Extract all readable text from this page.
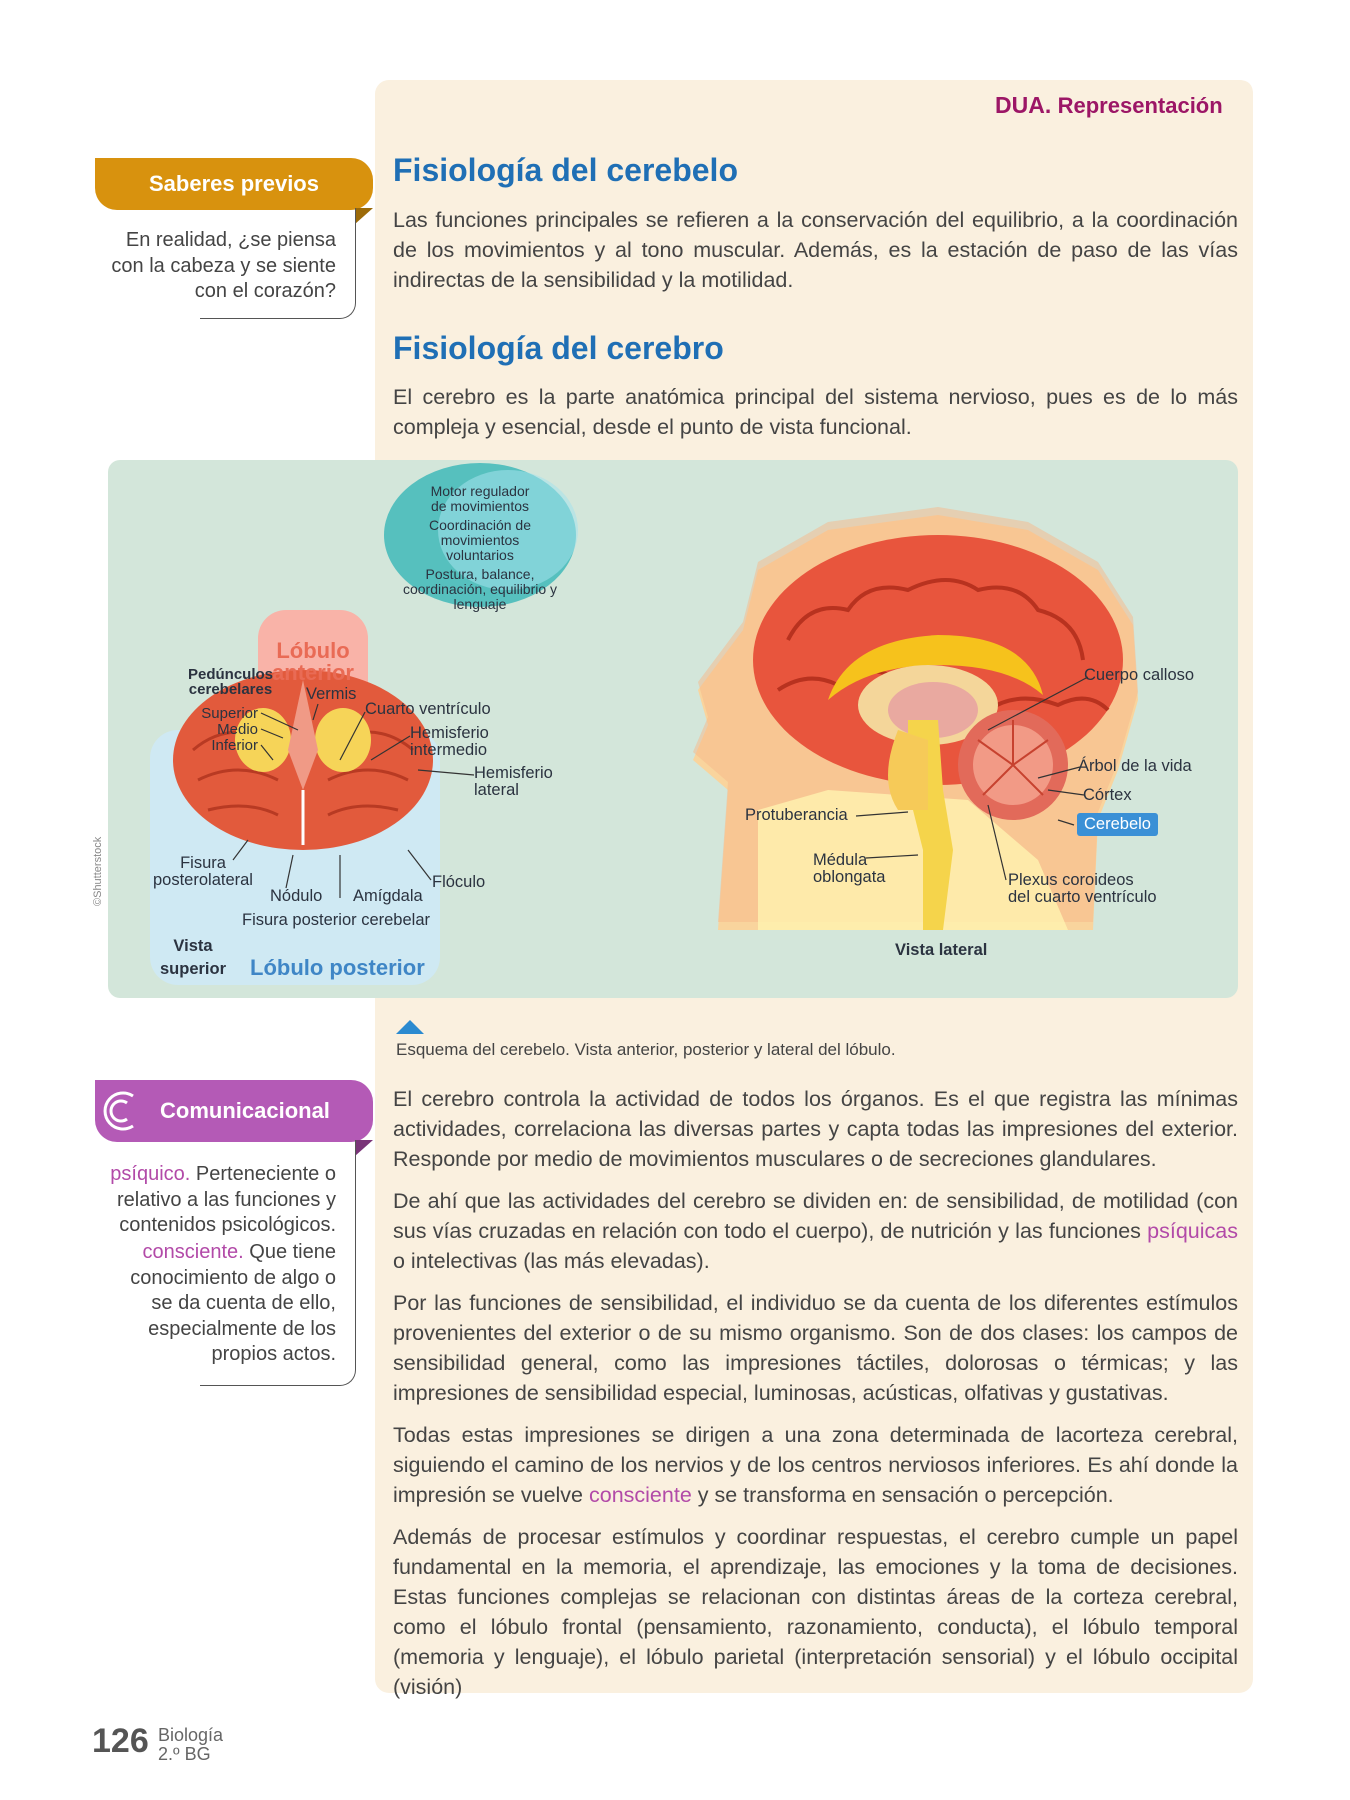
DUA. Representación
Fisiología del cerebelo

Las funciones principales se refieren a la conservación del equilibrio, a la coordinación de los movimientos y al tono muscular. Además, es la estación de paso de las vías indirectas de la sensibilidad y la motilidad.

Fisiología del cerebro

El cerebro es la parte anatómica principal del sistema nervioso, pues es de lo más compleja y esencial, desde el punto de vista funcional.

Saberes previos
En realidad, ¿se piensa
con la cabeza y se siente
con el corazón?
Motor regulador
de movimientos
Coordinación de movimientos
voluntarios
Postura, balance,
coordinación, equilibrio y
lenguaje
Lóbulo
anterior
Pedúnculos
cerebelares
Superior
Medio
Inferior
Vermis
Cuarto ventrículo
Hemisferio
intermedio
Hemisferio
lateral
Fisura
posterolateral
Nódulo Amígdala
Flóculo
Fisura posterior cerebelar
Vista
superior	Lóbulo posterior
Cuerpo calloso
Árbol de la vida
Córtex
Cerebelo
Protuberancia
Médula
oblongata	Plexus coroideos
del cuarto ventrículo
Vista lateral
©Shutterstock
Esquema del cerebelo. Vista anterior, posterior y lateral del lóbulo.
Comunicacional
psíquico. Perteneciente o
relativo a las funciones y
contenidos psicológicos.
consciente. Que tiene
conocimiento de algo o
se da cuenta de ello,
especialmente de los
propios actos.

El cerebro controla la actividad de todos los órganos. Es el que registra las mínimas actividades, correlaciona las diversas partes y capta todas las impresiones del exterior. Responde por medio de movimientos musculares o de secreciones glandulares.

De ahí que las actividades del cerebro se dividen en: de sensibilidad, de motilidad (con sus vías cruzadas en relación con todo el cuerpo), de nutrición y las funciones psíquicas o intelectivas (las más elevadas).

Por las funciones de sensibilidad, el individuo se da cuenta de los diferentes estímulos provenientes del exterior o de su mismo organismo. Son de dos clases: los campos de sensibilidad general, como las impresiones táctiles, dolorosas o térmicas; y las impresiones de sensibilidad especial, luminosas, acústicas, olfativas y gustativas.

Todas estas impresiones se dirigen a una zona determinada de lacorteza cerebral, siguiendo el camino de los nervios y de los centros nerviosos inferiores. Es ahí donde la impresión se vuelve consciente y se transforma en sensación o percepción.

Además de procesar estímulos y coordinar respuestas, el cerebro cumple un papel fundamental en la memoria, el aprendizaje, las emociones y la toma de decisiones. Estas funciones complejas se relacionan con distintas áreas de la corteza cerebral, como el lóbulo frontal (pensamiento, razonamiento, conducta), el lóbulo temporal (memoria y lenguaje), el lóbulo parietal (interpretación sensorial) y el lóbulo occipital (visión)

126 Biología
2.º BG
